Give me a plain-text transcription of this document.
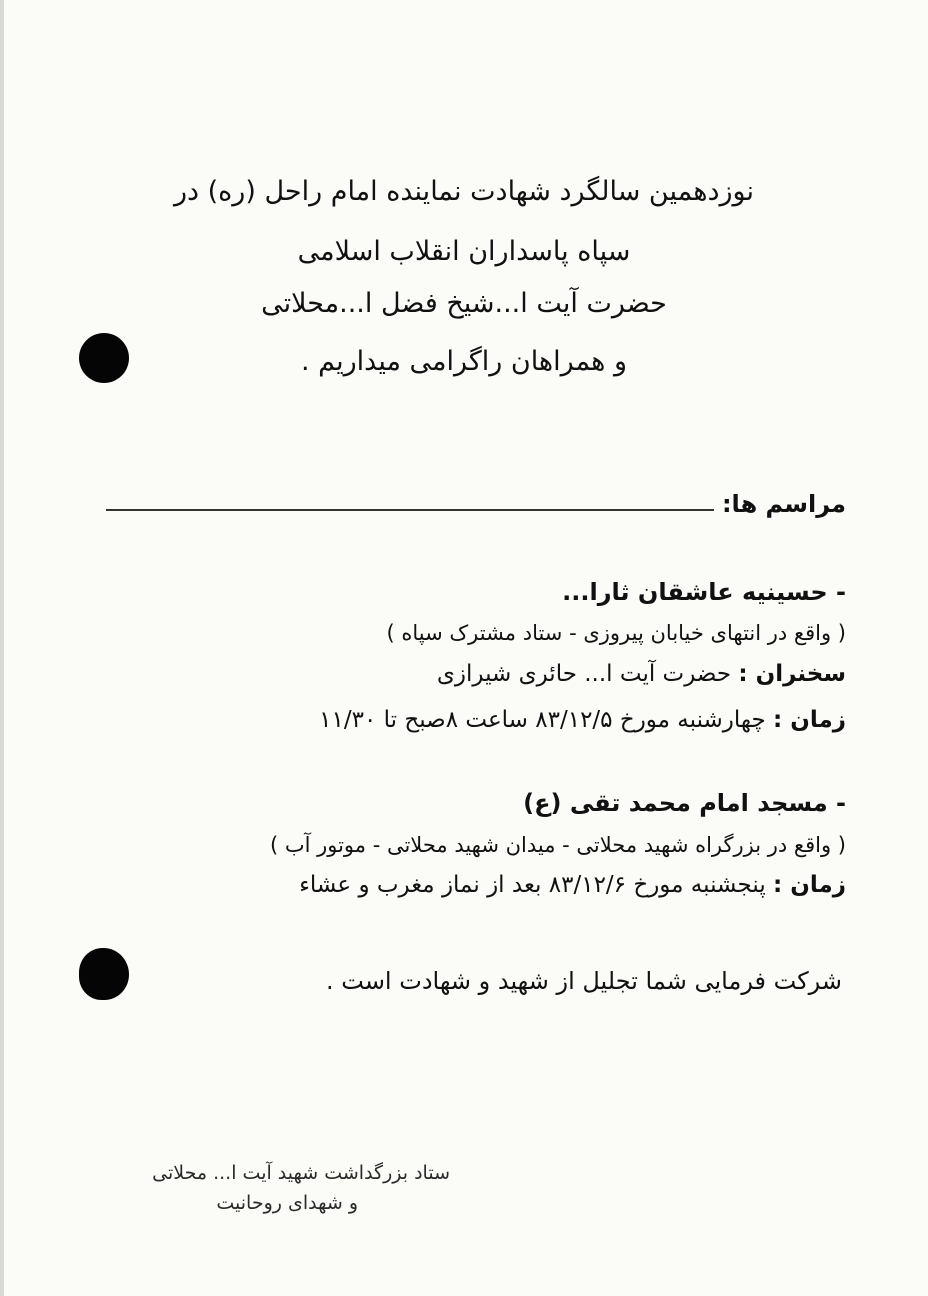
نوزدهمین سالگرد شهادت نماینده امام راحل (ره) در
سپاه پاسداران انقلاب اسلامی
حضرت آیت ا...شیخ فضل ا...محلاتی
و همراهان راگرامی میداریم .
مراسم ها:
- حسینیه عاشقان ثارا...
( واقع در انتهای خیابان پیروزی - ستاد مشترک سپاه )
سخنران : حضرت آیت ا... حائری شیرازی
زمان : چهارشنبه مورخ ۸۳/۱۲/۵ ساعت ۸صبح تا ۱۱/۳۰
- مسجد امام محمد تقی (ع)
( واقع در بزرگراه شهید محلاتی - میدان شهید محلاتی - موتور آب )
زمان : پنجشنبه مورخ ۸۳/۱۲/۶ بعد از نماز مغرب و عشاء
شرکت فرمایی شما تجلیل از شهید و شهادت است .
ستاد بزرگداشت شهید آیت ا... محلاتی
و شهدای روحانیت
